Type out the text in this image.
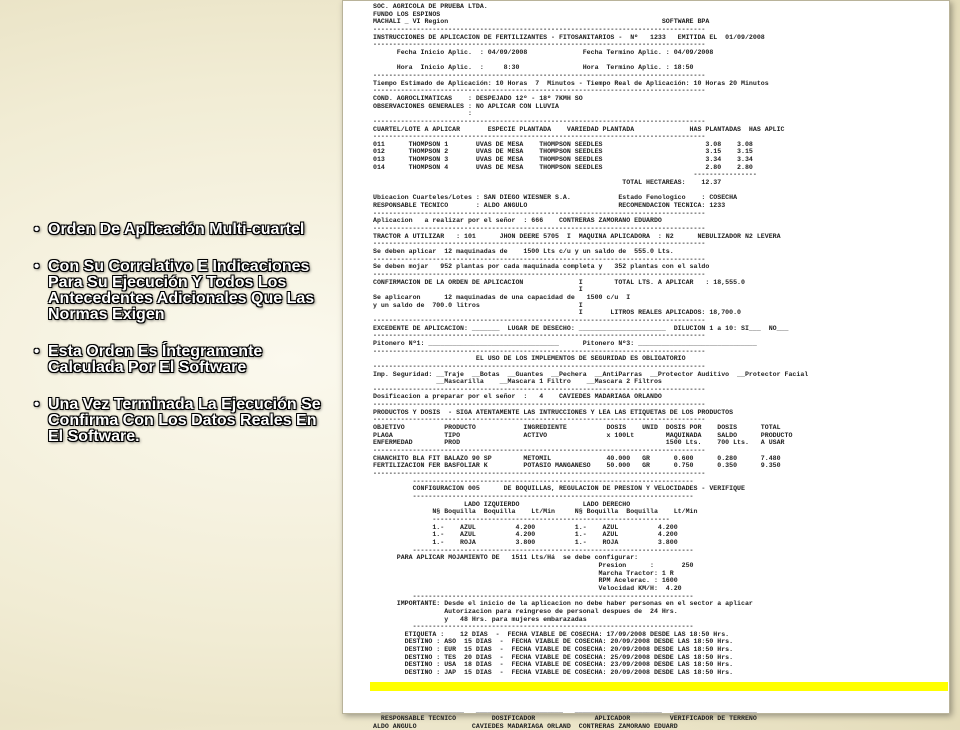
• Orden De Aplicación Multi-cuartel
• Con Su Correlativo E Indicaciones Para Su Ejecución Y Todos Los Antecedentes Adicionales Que Las Normas Exigen
• Esta Orden Es Íntegramente Calculada Por El Software
• Una Vez Terminada La Ejecución Se Confirma Con Los Datos Reales En El Software.
SOC. AGRICOLA DE PRUEBA LTDA.
FUNDO LOS ESPINOS
MACHALI _ VI Region                                                      SOFTWARE BPA
------------------------------------------------------------------------------------
INSTRUCCIONES DE APLICACION DE FERTILIZANTES - FITOSANITARIOS -  Nº   1233   EMITIDA EL  01/09/2008
------------------------------------------------------------------------------------
Fecha Inicio Aplic.  : 04/09/2008              Fecha Termino Aplic. : 04/09/2008

Hora  Inicio Aplic.  :     8:30                Hora  Termino Aplic. : 18:50
------------------------------------------------------------------------------------
Tiempo Estimado de Aplicación: 10 Horas  7  Minutos - Tiempo Real de Aplicación: 10 Horas 20 Minutos
------------------------------------------------------------------------------------
COND. AGROCLIMATICAS    : DESPEJADO 12º - 18º 7KMH SO
OBSERVACIONES GENERALES : NO APLICAR CON LLUVIA
:
------------------------------------------------------------------------------------
CUARTEL/LOTE A APLICAR       ESPECIE PLANTADA    VARIEDAD PLANTADA              HAS PLANTADAS  HAS APLIC
------------------------------------------------------------------------------------
011      THOMPSON 1       UVAS DE MESA    THOMPSON SEEDLES                          3.08    3.08
012      THOMPSON 2       UVAS DE MESA    THOMPSON SEEDLES                          3.15    3.15
013      THOMPSON 3       UVAS DE MESA    THOMPSON SEEDLES                          3.34    3.34
014      THOMPSON 4       UVAS DE MESA    THOMPSON SEEDLES                          2.80    2.80
----------------
TOTAL HECTAREAS:    12.37

Ubicacion Cuarteles/Lotes : SAN DIEGO WIESNER S.A.            Estado Fenologico    : COSECHA
RESPONSABLE TECNICO       : ALDO ANGULO                       RECOMENDACION TECNICA: 1233
------------------------------------------------------------------------------------
Aplicacion   a realizar por el señor  : 666    CONTRERAS ZAMORANO EDUARDO
------------------------------------------------------------------------------------
TRACTOR A UTILIZAR   : 101      JHON DEERE 5705  I  MAQUINA APLICADORA  : N2      NEBULIZADOR N2 LEVERA
------------------------------------------------------------------------------------
Se deben aplicar  12 maquinadas de    1500 Lts c/u y un saldo de  555.0 Lts.
------------------------------------------------------------------------------------
Se deben mojar   952 plantas por cada maquinada completa y   352 plantas con el saldo
------------------------------------------------------------------------------------
CONFIRMACION DE LA ORDEN DE APLICACION              I        TOTAL LTS. A APLICAR   : 18,555.0
I
Se aplicaron      12 maquinadas de una capacidad de   1500 c/u  I
y un saldo de  700.0 litros                         I
I       LITROS REALES APLICADOS: 18,700.0
------------------------------------------------------------------------------------
EXCEDENTE DE APLICACION: _______  LUGAR DE DESECHO: ______________________  DILUCION 1 a 10: SI___  NO___
------------------------------------------------------------------------------------
Pitonero Nº1: _________________________________      Pitonero Nº3: ______________________________
------------------------------------------------------------------------------------
EL USO DE LOS IMPLEMENTOS DE SEGURIDAD ES OBLIGATORIO
------------------------------------------------------------------------------------
Imp. Seguridad: __Traje  __Botas  __Guantes  __Pechera  __AntiParras  __Protector Auditivo  __Protector Facial
__Mascarilla    __Mascara 1 Filtro    __Mascara 2 Filtros
------------------------------------------------------------------------------------
Dosificacion a preparar por el señor  :   4    CAVIEDES MADARIAGA ORLANDO
------------------------------------------------------------------------------------
PRODUCTOS Y DOSIS  - SIGA ATENTAMENTE LAS INTRUCCIONES Y LEA LAS ETIQUETAS DE LOS PRODUCTOS
------------------------------------------------------------------------------------
OBJETIVO          PRODUCTO            INGREDIENTE          DOSIS    UNID  DOSIS POR    DOSIS      TOTAL
PLAGA             TIPO                ACTIVO               x 100Lt        MAQUINADA    SALDO      PRODUCTO
ENFERMEDAD        PROD                                                    1500 Lts.    700 Lts.   A USAR
------------------------------------------------------------------------------------
CHANCHITO BLA FIT BALAZO 90 SP        METOMIL              40.000   GR      0.600      0.280      7.480
FERTILIZACION FER BASFOLIAR K         POTASIO MANGANESO    50.000   GR      0.750      0.350      9.350
------------------------------------------------------------------------------------
-----------------------------------------------------------------------
CONFIGURACION 005      DE BOQUILLAS, REGULACION DE PRESION Y VELOCIDADES - VERIFIQUE
-----------------------------------------------------------------------
LADO IZQUIERDO                LADO DERECHO
N§ Boquilla  Boquilla    Lt/Min     N§ Boquilla  Boquilla    Lt/Min
------------------------------------------------------------
1.-    AZUL          4.200          1.-    AZUL          4.200
1.-    AZUL          4.200          1.-    AZUL          4.200
1.-    ROJA          3.800          1.-    ROJA          3.800
-----------------------------------------------------------------------
PARA APLICAR MOJAMIENTO DE   1511 Lts/Há  se debe configurar:
Presion      :       250
Marcha Tractor: 1 R
RPM Acelerac. : 1600
Velocidad KM/H:  4.20
-----------------------------------------------------------------------
IMPORTANTE: Desde el inicio de la aplicacion no debe haber personas en el sector a aplicar
Autorizacion para reingreso de personal despues de  24 Hrs.
y   48 Hrs. para mujeres embarazadas
-----------------------------------------------------------------------
ETIQUETA :    12 DIAS  -  FECHA VIABLE DE COSECHA: 17/09/2008 DESDE LAS 18:50 Hrs.
DESTINO : ASO  15 DIAS  -  FECHA VIABLE DE COSECHA: 20/09/2008 DESDE LAS 18:50 Hrs.
DESTINO : EUR  15 DIAS  -  FECHA VIABLE DE COSECHA: 20/09/2008 DESDE LAS 18:50 Hrs.
DESTINO : TES  20 DIAS  -  FECHA VIABLE DE COSECHA: 25/09/2008 DESDE LAS 18:50 Hrs.
DESTINO : USA  18 DIAS  -  FECHA VIABLE DE COSECHA: 23/09/2008 DESDE LAS 18:50 Hrs.
DESTINO : JAP  15 DIAS  -  FECHA VIABLE DE COSECHA: 20/09/2008 DESDE LAS 18:50 Hrs.

_____________________   ______________________   ______________________   _____________________
RESPONSABLE TECNICO         DOSIFICADOR               APLICADOR          VERIFICADOR DE TERRENO
ALDO ANGULO              CAVIEDES MADARIAGA ORLAND  CONTRERAS ZAMORANO EDUARD
